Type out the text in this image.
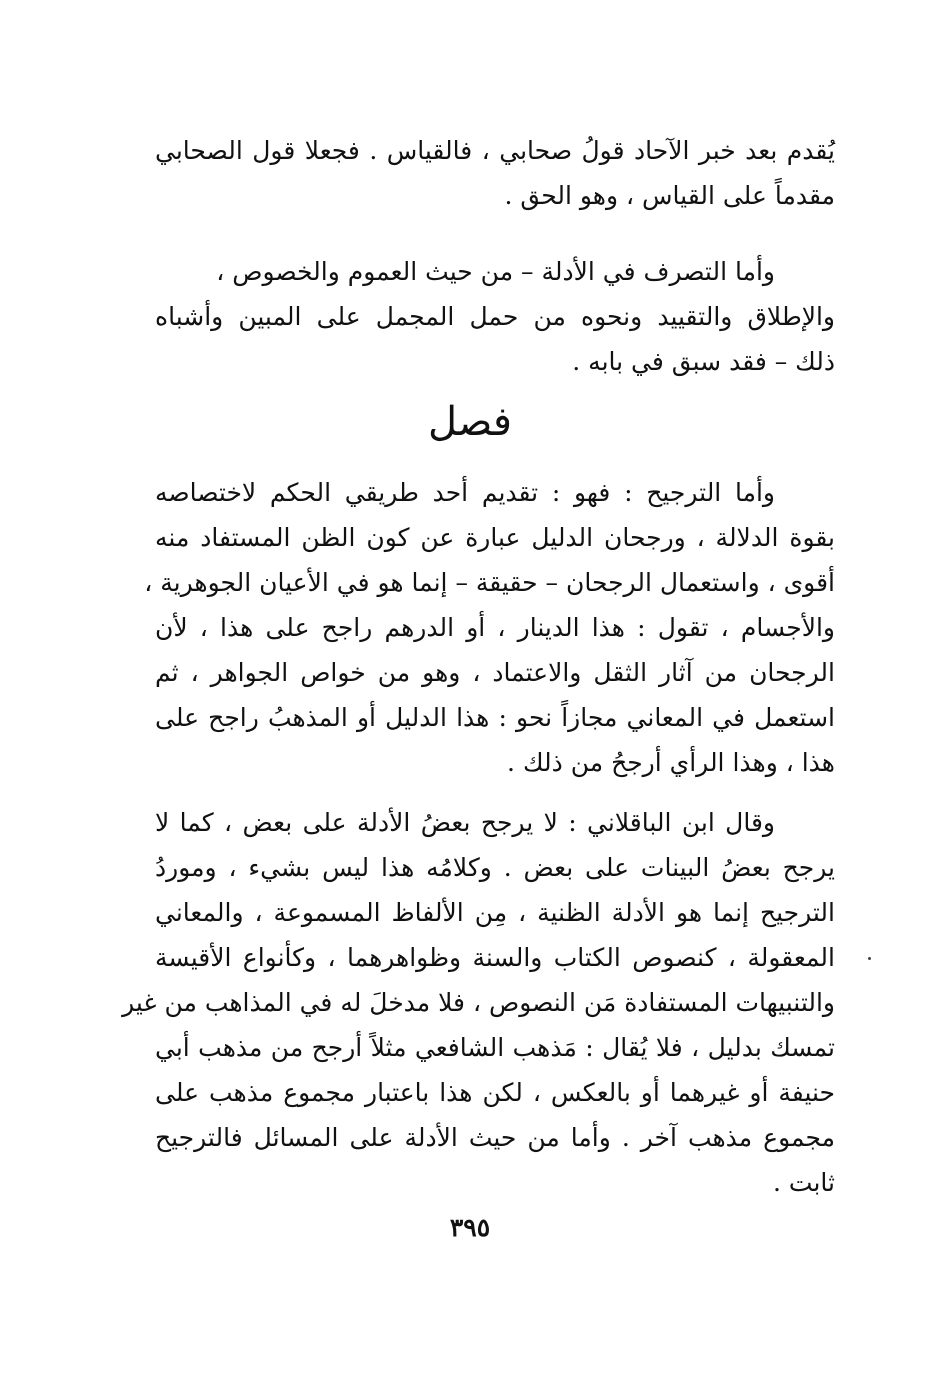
يُقدم بعد خبر الآحاد قولُ صحابي ، فالقياس . فجعلا قول الصحابي
مقدماً على القياس ، وهو الحق .
وأما التصرف في الأدلة – من حيث العموم والخصوص ،
والإطلاق والتقييد ونحوه من حمل المجمل على المبين وأشباه
ذلك – فقد سبق في بابه .
فصل
وأما الترجيح : فهو : تقديم أحد طريقي الحكم لاختصاصه
بقوة الدلالة ، ورجحان الدليل عبارة عن كون الظن المستفاد منه
أقوى ، واستعمال الرجحان – حقيقة – إنما هو في الأعيان الجوهرية ،
والأجسام ، تقول : هذا الدينار ، أو الدرهم راجح على هذا ، لأن
الرجحان من آثار الثقل والاعتماد ، وهو من خواص الجواهر ، ثم
استعمل في المعاني مجازاً نحو : هذا الدليل أو المذهبُ راجح على
هذا ، وهذا الرأي أرجحُ من ذلك .
وقال ابن الباقلاني : لا يرجح بعضُ الأدلة على بعض ، كما لا
يرجح بعضُ البينات على بعض . وكلامُه هذا ليس بشيء ، وموردُ
الترجيح إنما هو الأدلة الظنية ، مِن الألفاظ المسموعة ، والمعاني
المعقولة ، كنصوص الكتاب والسنة وظواهرهما ، وكأنواع الأقيسة
والتنبيهات المستفادة مَن النصوص ، فلا مدخلَ له في المذاهب من غير
تمسك بدليل ، فلا يُقال : مَذهب الشافعي مثلاً أرجح من مذهب أبي
حنيفة أو غيرهما أو بالعكس ، لكن هذا باعتبار مجموع مذهب على
مجموع مذهب آخر . وأما من حيث الأدلة على المسائل فالترجيح
ثابت .
٣٩٥
